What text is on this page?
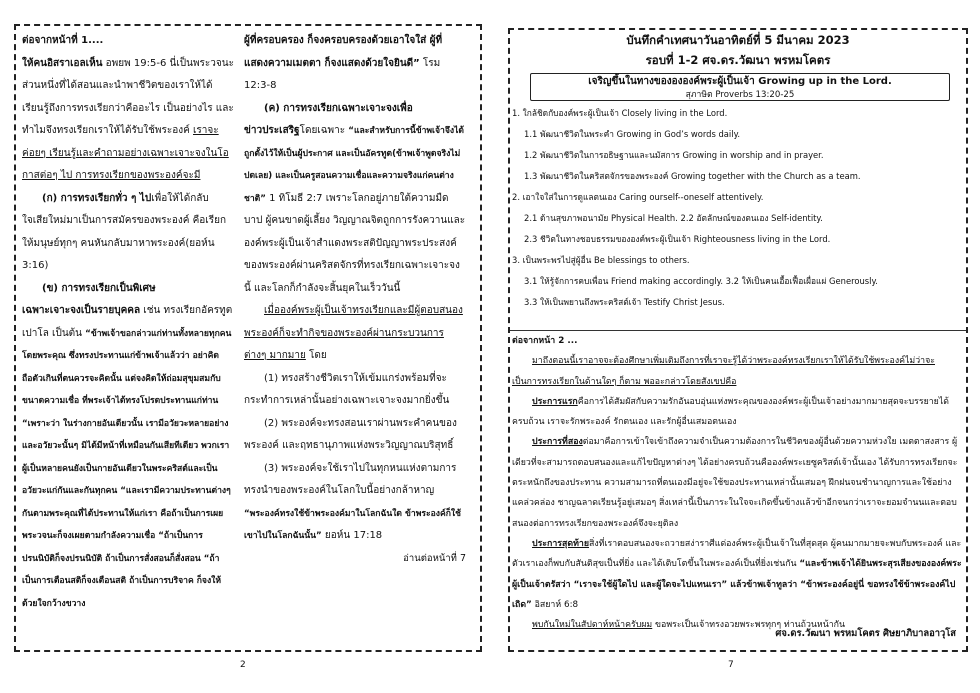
ต่อจากหน้าที่ 1....

ให้คนอิสราเอลเห็น อพยพ 19:5-6 นี่เป็นพระวจนะส่วนหนึ่งที่ได้สอนและนำพาชีวิตของเราให้ได้เรียนรู้ถึงการทรงเรียกว่าคืออะไร เป็นอย่างไร และทำไมจึงทรงเรียกเราให้ได้รับใช้พระองค์ เราจะค่อยๆ เรียนรู้และคำถามอย่างเฉพาะเจาะจงในโอกาสต่อๆ ไป การทรงเรียกของพระองค์จะมี

(ก) การทรงเรียกทั่ว ๆ ไปเพื่อให้ได้กลับใจเสียใหม่มาเป็นการสมัครของพระองค์ คือเรียกให้มนุษย์ทุกๆ คนหันกลับมาหาพระองค์(ยอห์น 3:16)

(ข) การทรงเรียกเป็นพิเศษ

เฉพาะเจาะจงเป็นรายบุคคล เช่น ทรงเรียกอัครทูตเปาโล เป็นต้น “ข้าพเจ้าขอกล่าวแก่ท่านทั้งหลายทุกคนโดยพระคุณ ซึ่งทรงประทานแก่ข้าพเจ้าแล้วว่า อย่าคิดถือตัวเกินที่ตนควรจะคิดนั้น แต่จงคิดให้ถ่อมสุขุมสมกับขนาดความเชื่อ ที่พระเจ้าได้ทรงโปรดประทานแก่ท่าน “เพราะว่า ในร่างกายอันเดียวนั้น เรามีอวัยวะหลายอย่าง และอวัยวะนั้นๆ มิได้มีหน้าที่เหมือนกันเสียทีเดียว พวกเราผู้เป็นหลายคนยังเป็นกายอันเดียวในพระคริสต์และเป็นอวัยวะแก่กันและกันทุกคน “และเรามีความประทานต่างๆ กันตามพระคุณที่ได้ประทานให้แก่เรา คือถ้าเป็นการเผยพระวจนะก็จงเผยตามกำลังความเชื่อ “ถ้าเป็นการปรนนิบัติก็จงปรนนิบัติ ถ้าเป็นการสั่งสอนก็สั่งสอน “ถ้าเป็นการเตือนสติก็จงเตือนสติ ถ้าเป็นการบริจาค ก็จงให้ด้วยใจกว้างขวาง

ผู้ที่ครอบครอง ก็จงครอบครองด้วยเอาใจใส่ ผู้ที่แสดงความเมตตา ก็จงแสดงด้วยใจยินดี” โรม 12:3-8

(ค) การทรงเรียกเฉพาะเจาะจงเพื่อ

ข่าวประเสริฐโดยเฉพาะ “และสำหรับการนี้ข้าพเจ้าจึงได้ถูกตั้งไว้ให้เป็นผู้ประกาศ และเป็นอัครทูต(ข้าพเจ้าพูดจริงไม่ปดเลย) และเป็นครูสอนความเชื่อและความจริงแก่คนต่างชาติ” 1 ทิโมธี 2:7 เพราะโลกอยู่ภายใต้ความมืดบาป ผู้คนขาดผู้เลี้ยง วิญญาณจิตถูกการรังควานและองค์พระผู้เป็นเจ้าสำแดงพระสติปัญญาพระประสงค์ของพระองค์ผ่านคริสตจักรที่ทรงเรียกเฉพาะเจาะจงนี้ และโลกก็กำลังจะสิ้นยุคในเร็ววันนี้

เมื่อองค์พระผู้เป็นเจ้าทรงเรียกและมีผู้ตอบสนอง พระองค์ก็จะทำกิจของพระองค์ผ่านกระบวนการต่างๆ มากมาย โดย

(1) ทรงสร้างชีวิตเราให้เข้มแกร่งพร้อมที่จะกระทำการเหล่านั้นอย่างเฉพาะเจาะจงมากยิ่งขึ้น

(2) พระองค์จะทรงสอนเราผ่านพระคำคนของพระองค์ และฤทธานุภาพแห่งพระวิญญาณบริสุทธิ์

(3) พระองค์จะใช้เราไปในทุกหนแห่งตามการทรงนำของพระองค์ในโลกใบนี้อย่างกล้าหาญ “พระองค์ทรงใช้ข้าพระองค์มาในโลกฉันใด ข้าพระองค์ก็ใช้เขาไปในโลกฉันนั้น” ยอห์น 17:18

อ่านต่อหน้าที่ 7

2
บันทึกคำเทศนาวันอาทิตย์ที่ 5 มีนาคม 2023
รอบที่ 1-2 ศจ.ดร.วัฒนา พรหมโคตร
เจริญขึ้นในทางของององค์พระผู้เป็นเจ้า Growing up in the Lord.
สุภาษิต Proverbs 13:20-25
1. ใกล้ชิดกับองค์พระผู้เป็นเจ้า Closely living in the Lord.
1.1 พัฒนาชีวิตในพระคำ Growing in God’s words daily.
1.2 พัฒนาชีวิตในการอธิษฐานและนมัสการ Growing in worship and in prayer.
1.3 พัฒนาชีวิตในคริสตจักรของพระองค์ Growing together with the Church as a team.
2. เอาใจใส่ในการดูแลตนเอง Caring ourself--oneself attentively.
2.1 ด้านสุขภาพอนามัย Physical Health. 2.2 อัตลักษณ์ของตนเอง Self-identity.
2.3 ชีวิตในทางชอบธรรมขององค์พระผู้เป็นเจ้า Righteousness living in the Lord.
3. เป็นพระพรไปสู่ผู้อื่น Be blessings to others.
3.1 ให้รู้จักการคบเพื่อน Friend making accordingly. 3.2 ให้เป็นคนเอื้อเฟื้อเผื่อแผ่ Generously.
3.3 ให้เป็นพยานถึงพระคริสต์เจ้า Testify Christ Jesus.

ต่อจากหน้า 2 ...

มาถึงตอนนี้เราอาจจะต้องศึกษาเพิ่มเติมถึงการที่เราจะรู้ได้ว่าพระองค์ทรงเรียกเราให้ได้รับใช้พระองค์ไม่ว่าจะเป็นการทรงเรียกในด้านใดๆ ก็ตาม พออะกล่าวโดยสังเขปคือ

ประการแรกคือการได้สัมผัสกับความรักอันอบอุ่นแห่งพระคุณขององค์พระผู้เป็นเจ้าอย่างมากมายสุดจะบรรยายได้ครบถ้วน เราจะรักพระองค์ รักตนเอง และรักผู้อื่นเสมอตนเอง

ประการที่สองต่อมาคือการเข้าใจเข้าถึงความจำเป็นความต้องการในชีวิตของผู้อื่นด้วยความห่วงใย เมตตาสงสาร ผู้เดียวที่จะสามารถตอบสนองและแก้ไขปัญหาต่างๆ ได้อย่างครบถ้วนคือองค์พระเยซูคริสต์เจ้านั้นเอง ได้รับการทรงเรียกจะตระหนักถึงของประทาน ความสามารถที่ตนเองมีอยู่จะใช้ของประทานเหล่านั้นเสมอๆ ฝึกฝนจนชำนาญการและใช้อย่างแคล่วคล่อง ชาญฉลาดเรียนรู้อยู่เสมอๆ สิ่งเหล่านี้เป็นภาระในใจจะเกิดขึ้นข้างแล้วข้าอีกจนกว่าเราจะยอมจำนนและตอบสนองต่อการทรงเรียกของพระองค์จึงจะยุติลง

ประการสุดท้ายสิ่งที่เราตอบสนองจะถวายสง่าราศีแด่องค์พระผู้เป็นเจ้าในที่สุดสุด ผู้คนมากมายจะพบกับพระองค์ และตัวเราเองก็พบกับสันติสุขเป็นที่ยิ่ง และได้เติบโตขึ้นในพระองค์เป็นที่ยิ่งเช่นกัน “และข้าพเจ้าได้ยินพระสุรเสียงขององค์พระผู้เป็นเจ้าตรัสว่า “เราจะใช้ผู้ใดไป และผู้ใดจะไปแทนเรา” แล้วข้าพเจ้าทูลว่า “ข้าพระองค์อยู่นี่ ขอทรงใช้ข้าพระองค์ไปเถิด” อิสยาห์ 6:8

พบกันใหม่ในสัปดาห์หน้าครับผม ขอพระเป็นเจ้าทรงอวยพระพรทุกๆ ท่านถ้วนหน้ากัน

ศจ.ดร.วัฒนา พรหมโคตร ศิษยาภิบาลอาวุโส
7
